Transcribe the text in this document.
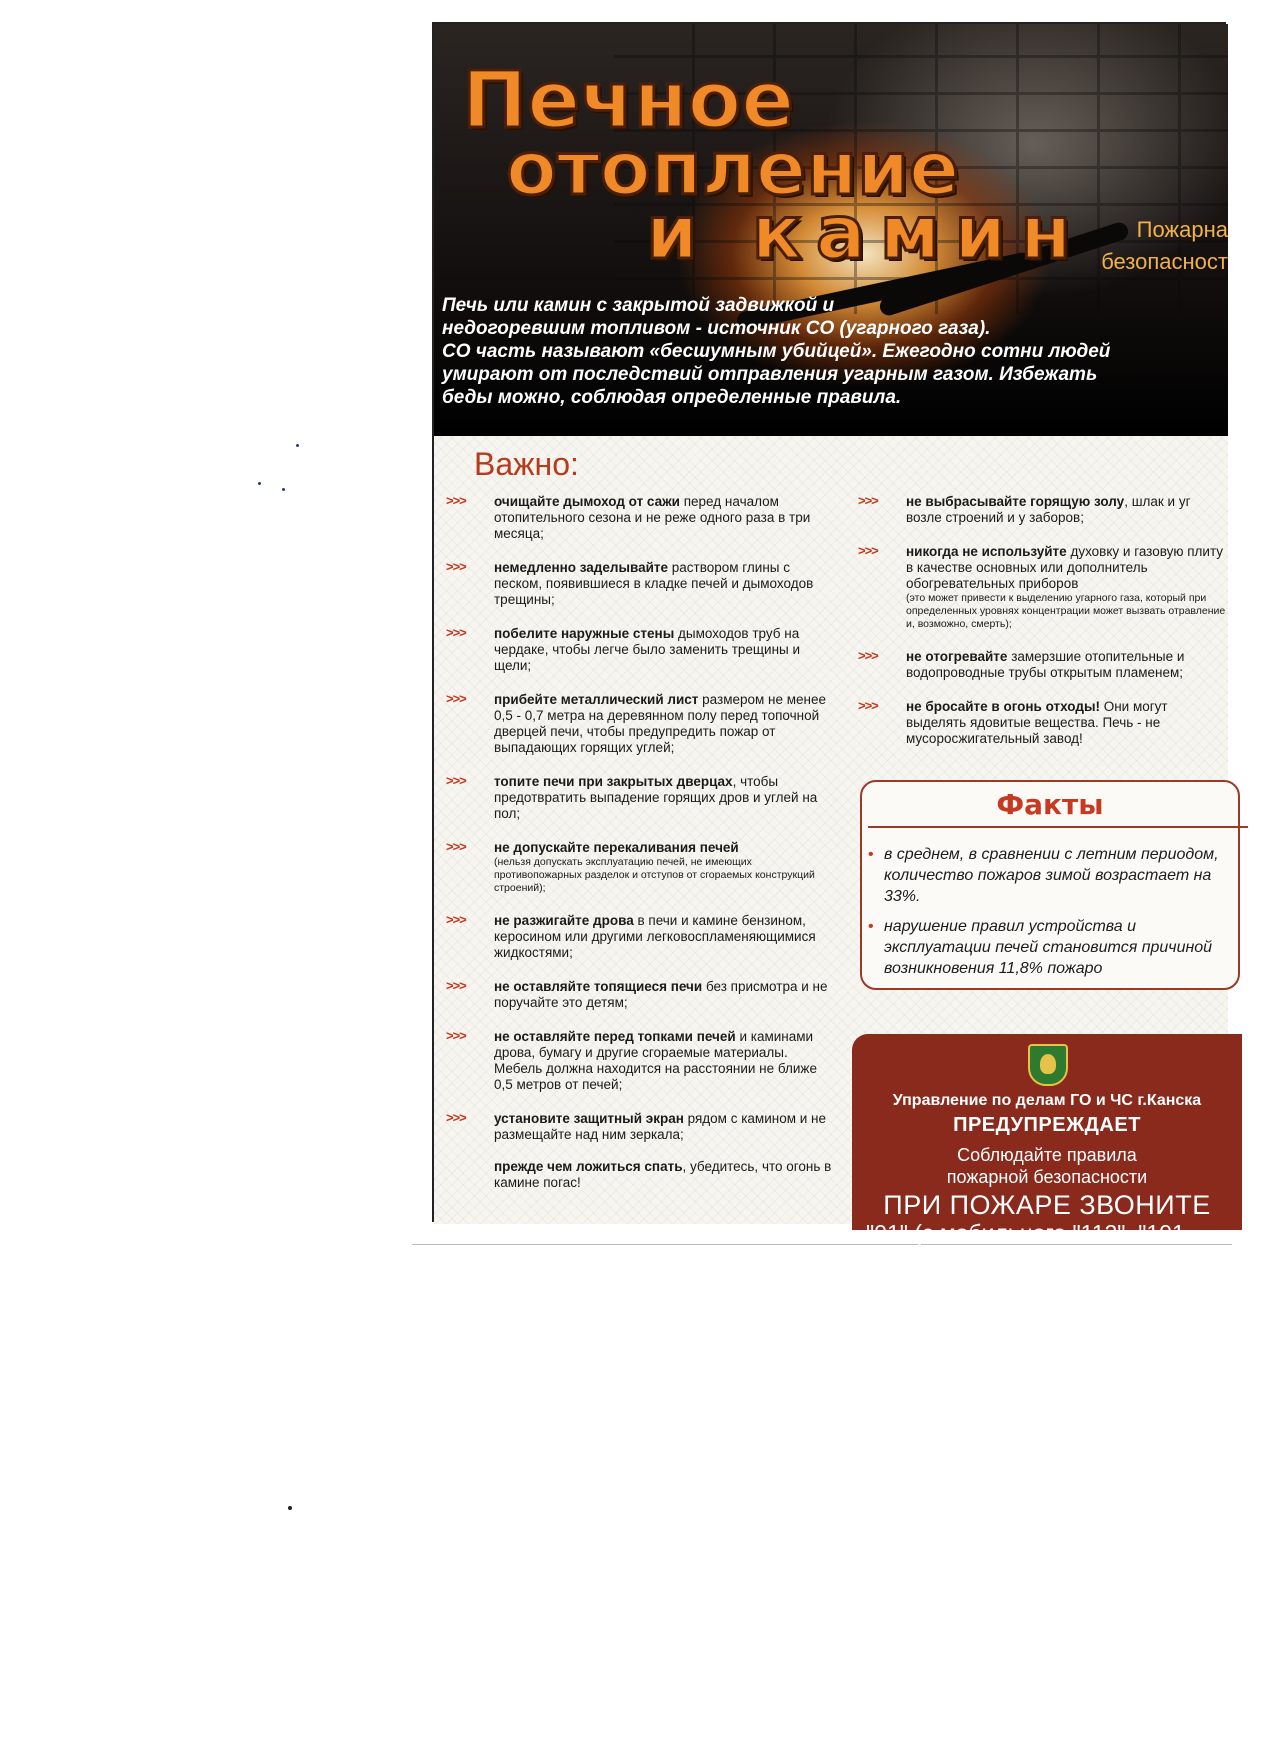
Печное
отопление
и камин	Пожарна
безопасност

Печь или камин с закрытой задвижкой и

недогоревшим топливом - источник СО (угарного газа).

СО часть называют «бесшумным убийцей». Ежегодно сотни людей

умирают от последствий отправления угарным газом. Избежать

беды можно, соблюдая определенные правила.

Важно:
>>> очищайте дымоход от сажи перед началом отопительного сезона и не реже одного раза в три месяца;
>>> немедленно заделывайте раствором глины с песком, появившиеся в кладке печей и дымоходов трещины;
>>> побелите наружные стены дымоходов труб на чердаке, чтобы легче было заменить трещины и щели;
>>> прибейте металлический лист размером не менее 0,5 - 0,7 метра на деревянном полу перед топочной дверцей печи, чтобы предупредить пожар от выпадающих горящих углей;
>>> топите печи при закрытых дверцах, чтобы предотвратить выпадение горящих дров и углей на пол;
>>> не допускайте перекаливания печей
(нельзя допускать эксплуатацию печей, не имеющих противопожарных разделок и отступов от сгораемых конструкций строений);
>>> не разжигайте дрова в печи и камине бензином, керосином или другими легковоспламеняющимися жидкостями;
>>> не оставляйте топящиеся печи без присмотра и не поручайте это детям;
>>> не оставляйте перед топками печей и каминами дрова, бумагу и другие сгораемые материалы. Мебель должна находится на расстоянии не ближе 0,5 метров от печей;
>>> установите защитный экран рядом с камином и не размещайте над ним зеркала;
прежде чем ложиться спать, убедитесь, что огонь в камине погас!
>>> не выбрасывайте горящую золу, шлак и уг возле строений и у заборов;
>>> никогда не используйте духовку и газовую плиту в качестве основных или дополнитель обогревательных приборов
(это может привести к выделению угарного газа, который при определенных уровнях концентрации может вызвать отравление и, возможно, смерть);
>>> не отогревайте замерзшие отопительные и водопроводные трубы открытым пламенем;
>>> не бросайте в огонь отходы! Они могут выделять ядовитые вещества. Печь - не мусоросжигательный завод!
Факты
• в среднем, в сравнении с летним периодом, количество пожаров зимой возрастает на 33%.
• нарушение правил устройства и эксплуатации печей становится причиной возникновения 11,8% пожаро
Управление по делам ГО и ЧС г.Канска
ПРЕДУПРЕЖДАЕТ
Соблюдайте правила
пожарной безопасности
ПРИ ПОЖАРЕ ЗВОНИТЕ
"01" (с мобильного "112", "101
